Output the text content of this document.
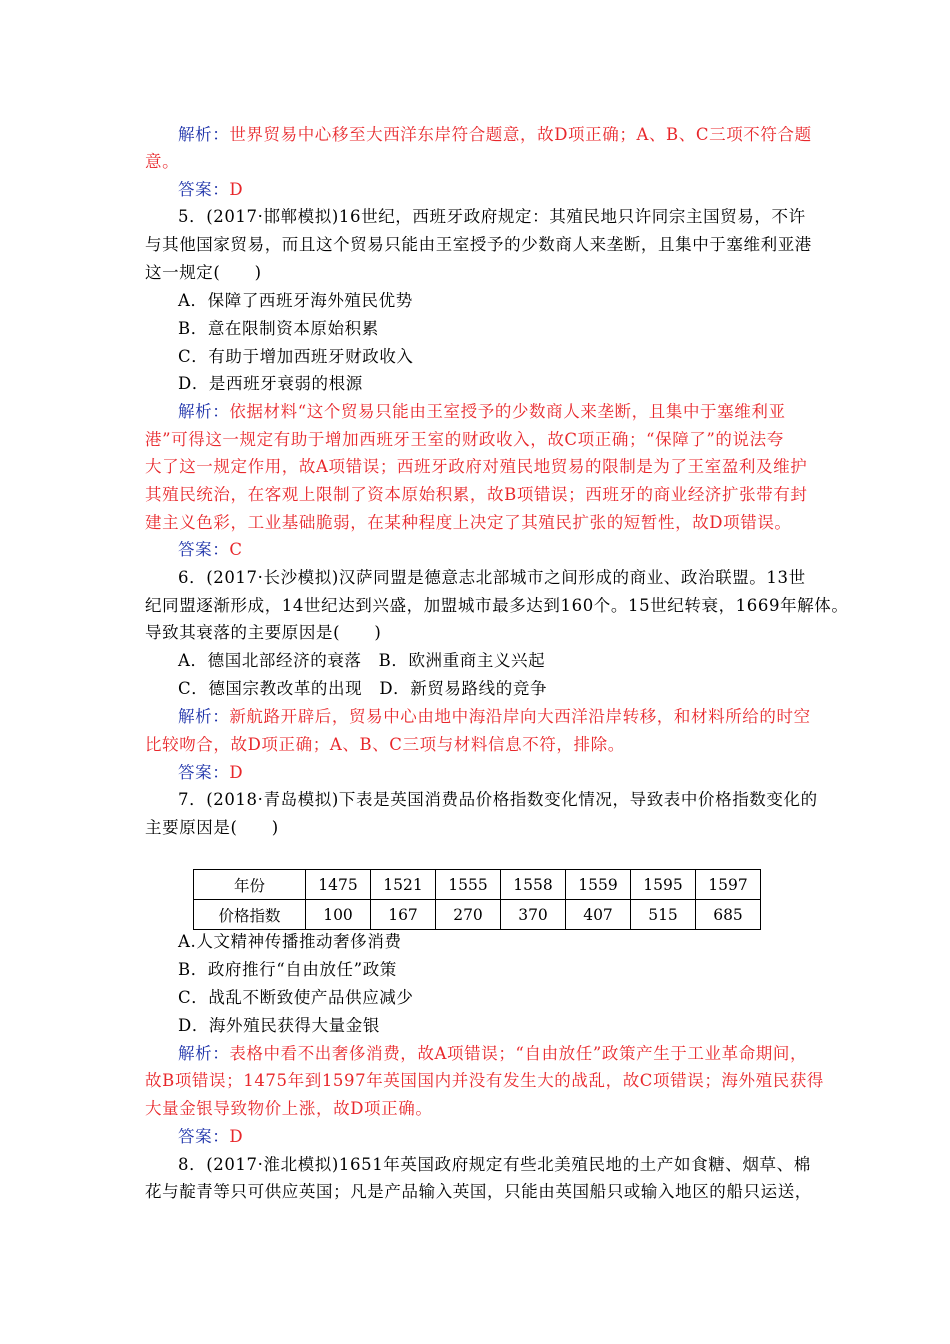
解析：世界贸易中心移至大西洋东岸符合题意，故D项正确；A、B、C三项不符合题
意。
答案：D
5．(2017·邯郸模拟)16世纪，西班牙政府规定：其殖民地只许同宗主国贸易，不许
与其他国家贸易，而且这个贸易只能由王室授予的少数商人来垄断，且集中于塞维利亚港
这一规定(　　)
A．保障了西班牙海外殖民优势
B．意在限制资本原始积累
C．有助于增加西班牙财政收入
D．是西班牙衰弱的根源
解析：依据材料“这个贸易只能由王室授予的少数商人来垄断，且集中于塞维利亚
港”可得这一规定有助于增加西班牙王室的财政收入，故C项正确；“保障了”的说法夸
大了这一规定作用，故A项错误；西班牙政府对殖民地贸易的限制是为了王室盈利及维护
其殖民统治，在客观上限制了资本原始积累，故B项错误；西班牙的商业经济扩张带有封
建主义色彩，工业基础脆弱，在某种程度上决定了其殖民扩张的短暂性，故D项错误。
答案：C
6．(2017·长沙模拟)汉萨同盟是德意志北部城市之间形成的商业、政治联盟。13世
纪同盟逐渐形成，14世纪达到兴盛，加盟城市最多达到160个。15世纪转衰，1669年解体。
导致其衰落的主要原因是(　　)
A．德国北部经济的衰落　B．欧洲重商主义兴起
C．德国宗教改革的出现　D．新贸易路线的竞争
解析：新航路开辟后，贸易中心由地中海沿岸向大西洋沿岸转移，和材料所给的时空
比较吻合，故D项正确；A、B、C三项与材料信息不符，排除。
答案：D
7．(2018·青岛模拟)下表是英国消费品价格指数变化情况，导致表中价格指数变化的
主要原因是(　　)
年份	1475	1521	1555	1558	1559	1595	1597
价格指数	100	167	270	370	407	515	685
A.人文精神传播推动奢侈消费
B．政府推行“自由放任”政策
C．战乱不断致使产品供应减少
D．海外殖民获得大量金银
解析：表格中看不出奢侈消费，故A项错误；“自由放任”政策产生于工业革命期间，
故B项错误；1475年到1597年英国国内并没有发生大的战乱，故C项错误；海外殖民获得
大量金银导致物价上涨，故D项正确。
答案：D
8．(2017·淮北模拟)1651年英国政府规定有些北美殖民地的土产如食糖、烟草、棉
花与靛青等只可供应英国；凡是产品输入英国，只能由英国船只或输入地区的船只运送，
